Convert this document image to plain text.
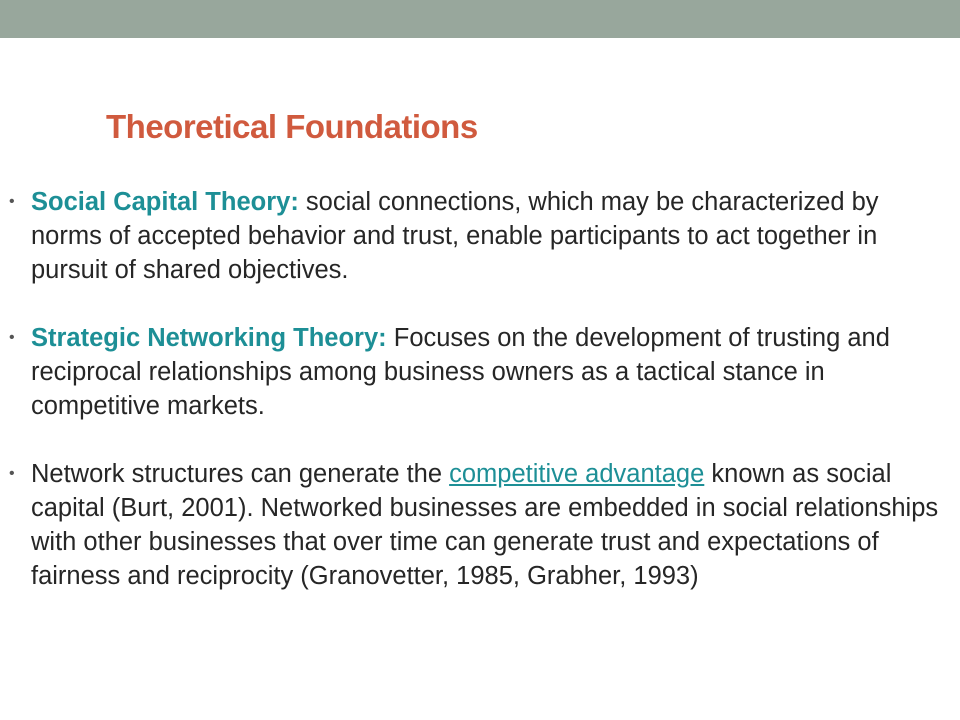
Theoretical Foundations
• Social Capital Theory: social connections, which may be characterized by norms of accepted behavior and trust, enable participants to act together in pursuit of shared objectives.
• Strategic Networking Theory: Focuses on the development of trusting and reciprocal relationships among business owners as a tactical stance in competitive markets.
• Network structures can generate the competitive advantage known as social capital (Burt, 2001). Networked businesses are embedded in social relationships with other businesses that over time can generate trust and expectations of fairness and reciprocity (Granovetter, 1985, Grabher, 1993)
